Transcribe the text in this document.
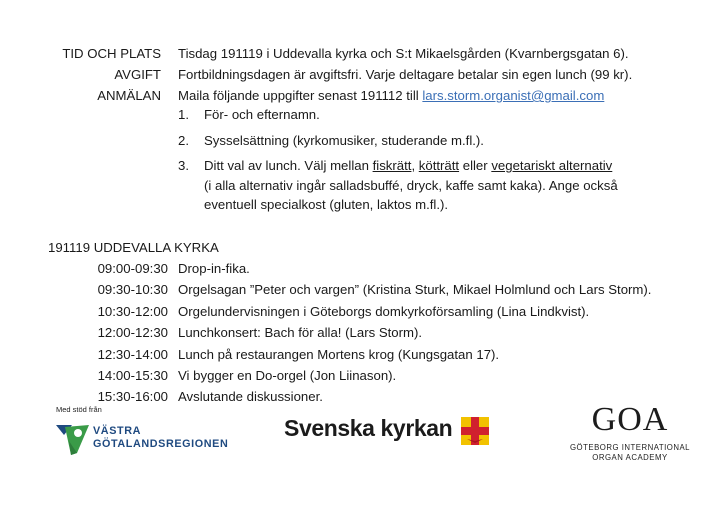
TID OCH PLATS	Tisdag 191119 i Uddevalla kyrka och S:t Mikaelsgården (Kvarnbergsgatan 6).
AVGIFT	Fortbildningsdagen är avgiftsfri. Varje deltagare betalar sin egen lunch (99 kr).
ANMÄLAN	Maila följande uppgifter senast 191112 till lars.storm.organist@gmail.com
1.	För- och efternamn.
2.	Sysselsättning (kyrkomusiker, studerande m.fl.).
3.	Ditt val av lunch. Välj mellan fiskrätt, kötträtt eller vegetariskt alternativ
(i alla alternativ ingår salladsbuffé, dryck, kaffe samt kaka). Ange också
eventuell specialkost (gluten, laktos m.fl.).
191119 UDDEVALLA KYRKA
09:00-09:30 Drop-in-fika.
09:30-10:30 Orgelsagan ”Peter och vargen” (Kristina Sturk, Mikael Holmlund och Lars Storm).
10:30-12:00 Orgelundervisningen i Göteborgs domkyrkoförsamling (Lina Lindkvist).
12:00-12:30 Lunchkonsert: Bach för alla! (Lars Storm).
12:30-14:00 Lunch på restaurangen Mortens krog (Kungsgatan 17).
14:00-15:30 Vi bygger en Do-orgel (Jon Liinason).
15:30-16:00 Avslutande diskussioner.
Med stöd från
VÄSTRA
GÖTALANDSREGIONEN
Svenska kyrkan	GOA
GÖTEBORG INTERNATIONAL
ORGAN ACADEMY
